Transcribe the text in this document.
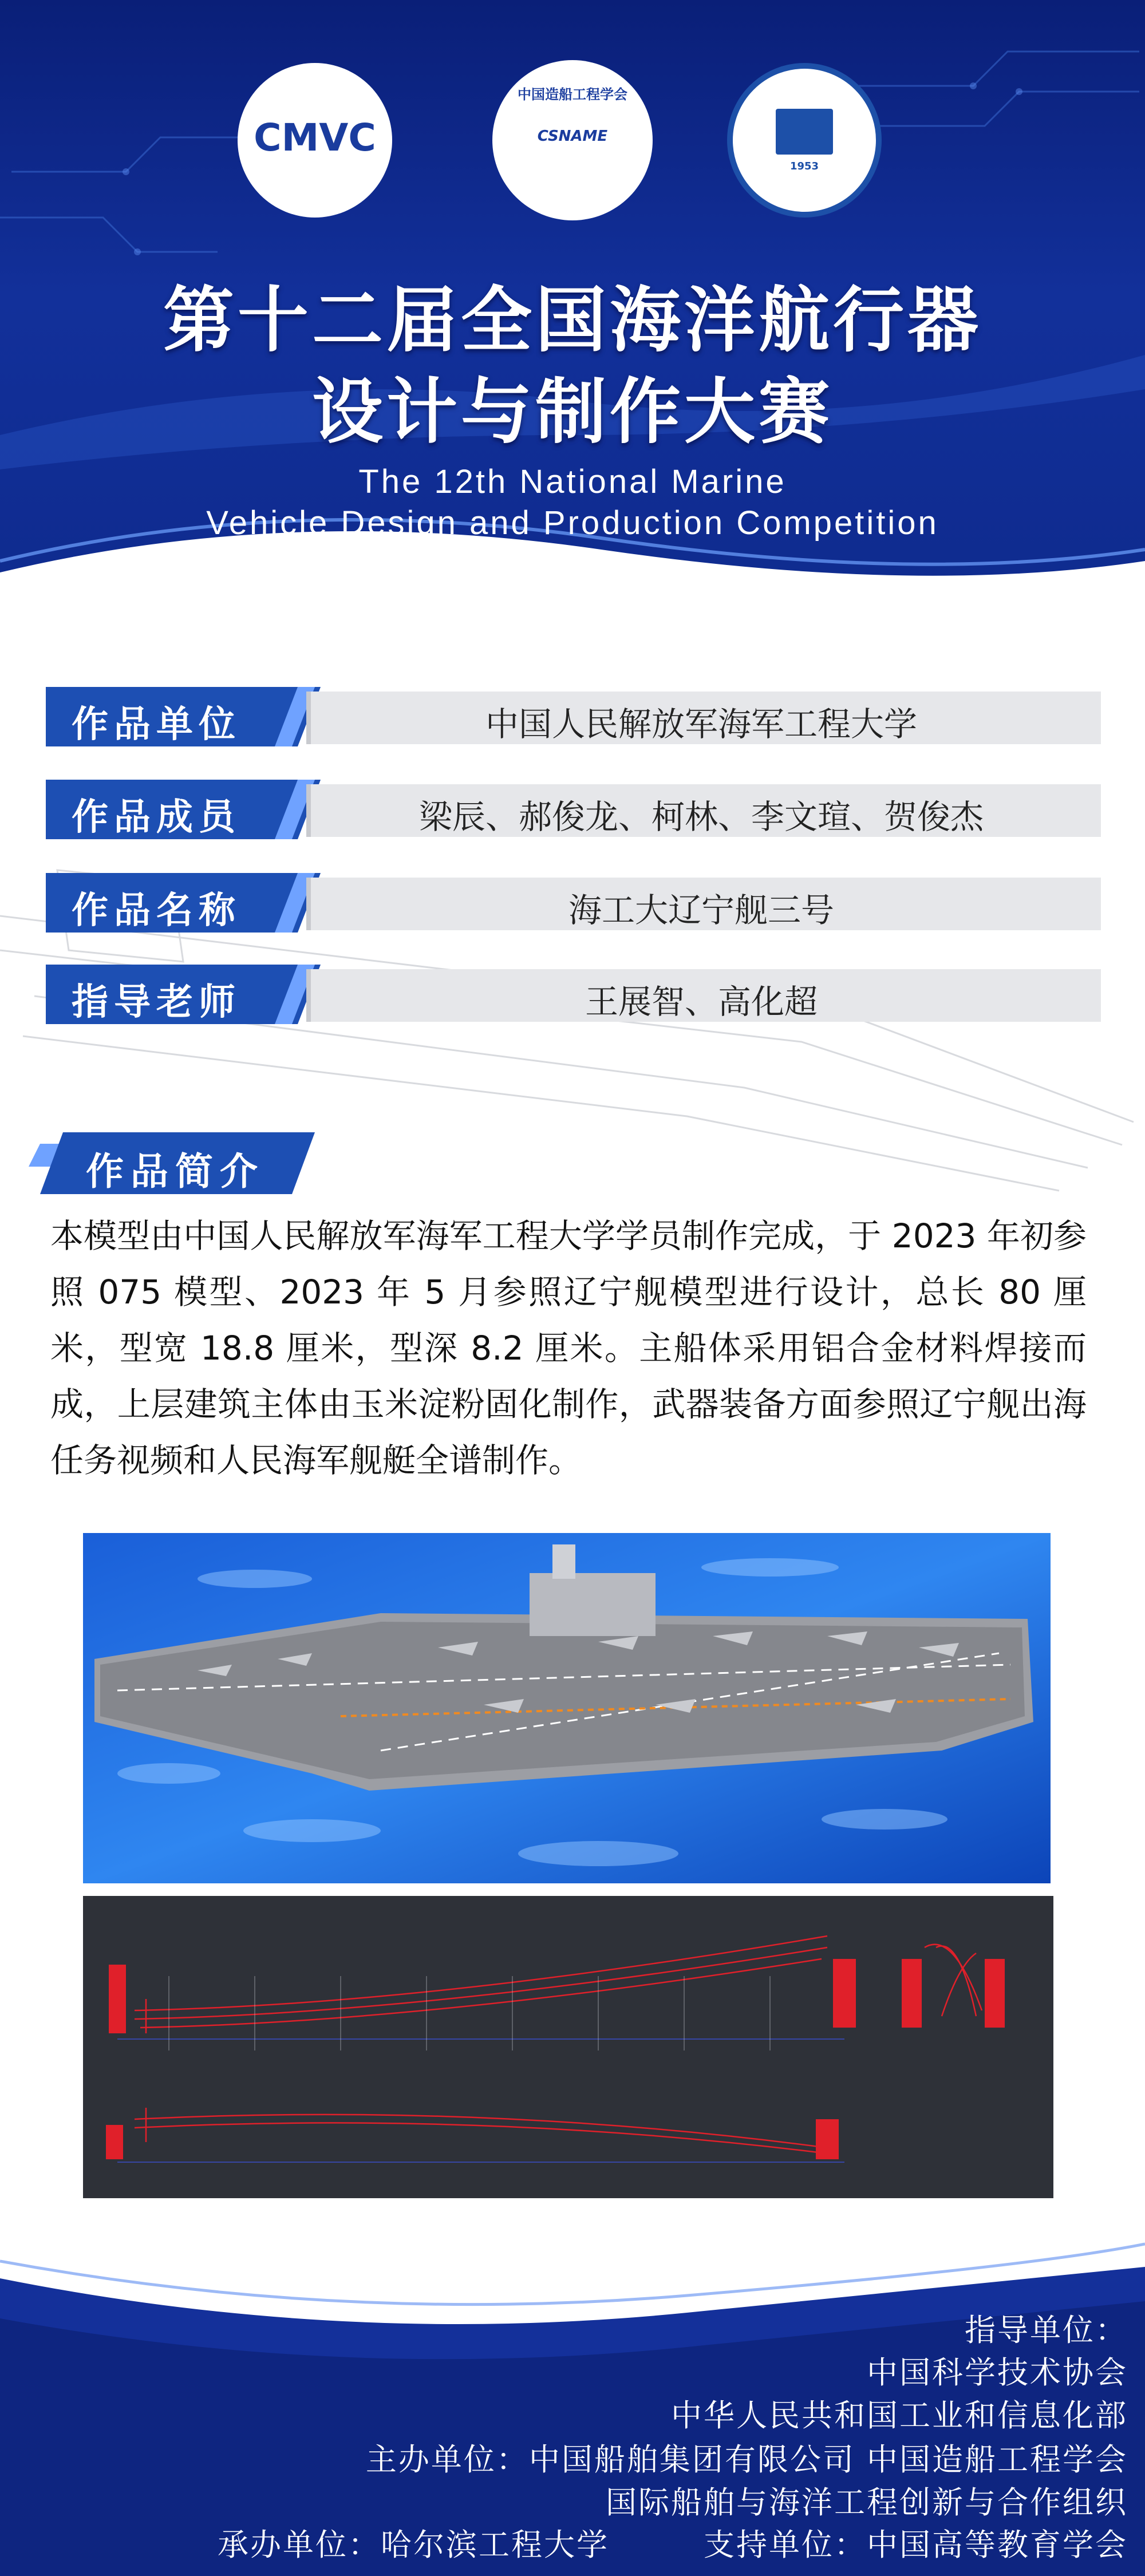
CMVC
中国造船工程学会
CSNAME
1953
第十二届全国海洋航行器
设计与制作大赛
The 12th National Marine
Vehicle Design and Production Competition
作品单位	中国人民解放军海军工程大学
作品成员	梁辰、郝俊龙、柯林、李文瑄、贺俊杰
作品名称	海工大辽宁舰三号
指导老师	王展智、高化超
作品简介
本模型由中国人民解放军海军工程大学学员制作完成，于 2023 年初参照 075 模型、2023 年 5 月参照辽宁舰模型进行设计，总长 80 厘米，型宽 18.8 厘米，型深 8.2 厘米。主船体采用铝合金材料焊接而成，上层建筑主体由玉米淀粉固化制作，武器装备方面参照辽宁舰出海任务视频和人民海军舰艇全谱制作。
指导单位：
中国科学技术协会
中华人民共和国工业和信息化部
主办单位：中国船舶集团有限公司 中国造船工程学会
国际船舶与海洋工程创新与合作组织
承办单位：哈尔滨工程大学	支持单位：中国高等教育学会
